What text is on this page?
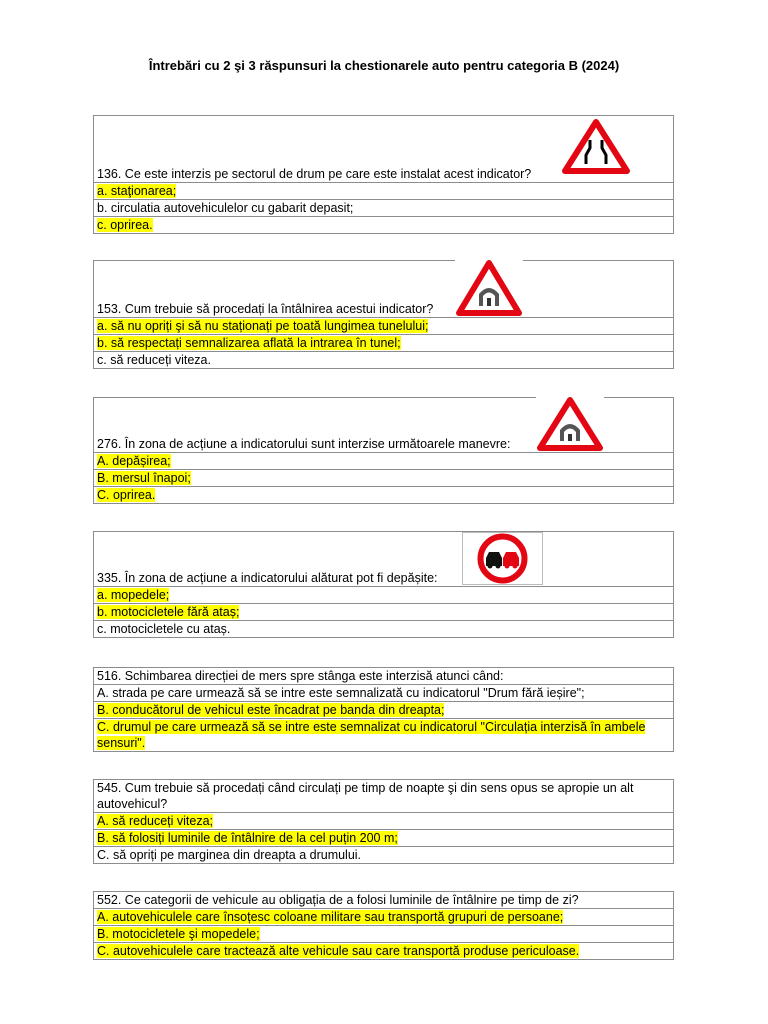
Întrebări cu 2 şi 3 răspunsuri la chestionarele auto pentru categoria B (2024)
136. Ce este interzis pe sectorul de drum pe care este instalat acest indicator?
a. staţionarea;
b. circulatia autovehiculelor cu gabarit depasit;
c. oprirea.
153. Cum trebuie să procedați la întâlnirea acestui indicator?
a. să nu opriți şi să nu staționați pe toată lungimea tunelului;
b. să respectați semnalizarea aflată la intrarea în tunel;
c. să reduceți viteza.
276. În zona de acțiune a indicatorului sunt interzise următoarele manevre:
A. depășirea;
B. mersul înapoi;
C. oprirea.
335. În zona de acțiune a indicatorului alăturat pot fi depășite:
a. mopedele;
b. motocicletele fără ataș;
c. motocicletele cu ataș.
516. Schimbarea direcției de mers spre stânga este interzisă atunci când:
A. strada pe care urmează să se intre este semnalizată cu indicatorul "Drum fără ieșire";
B. conducătorul de vehicul este încadrat pe banda din dreapta;
C. drumul pe care urmează să se intre este semnalizat cu indicatorul "Circulația interzisă în ambele sensuri".
545. Cum trebuie să procedați când circulați pe timp de noapte şi din sens opus se apropie un alt autovehicul?
A. să reduceți viteza;
B. să folosiți luminile de întâlnire de la cel puțin 200 m;
C. să opriți pe marginea din dreapta a drumului.
552. Ce categorii de vehicule au obligația de a folosi luminile de întâlnire pe timp de zi?
A. autovehiculele care însoțesc coloane militare sau transportă grupuri de persoane;
B. motocicletele şi mopedele;
C. autovehiculele care tractează alte vehicule sau care transportă produse periculoase.
